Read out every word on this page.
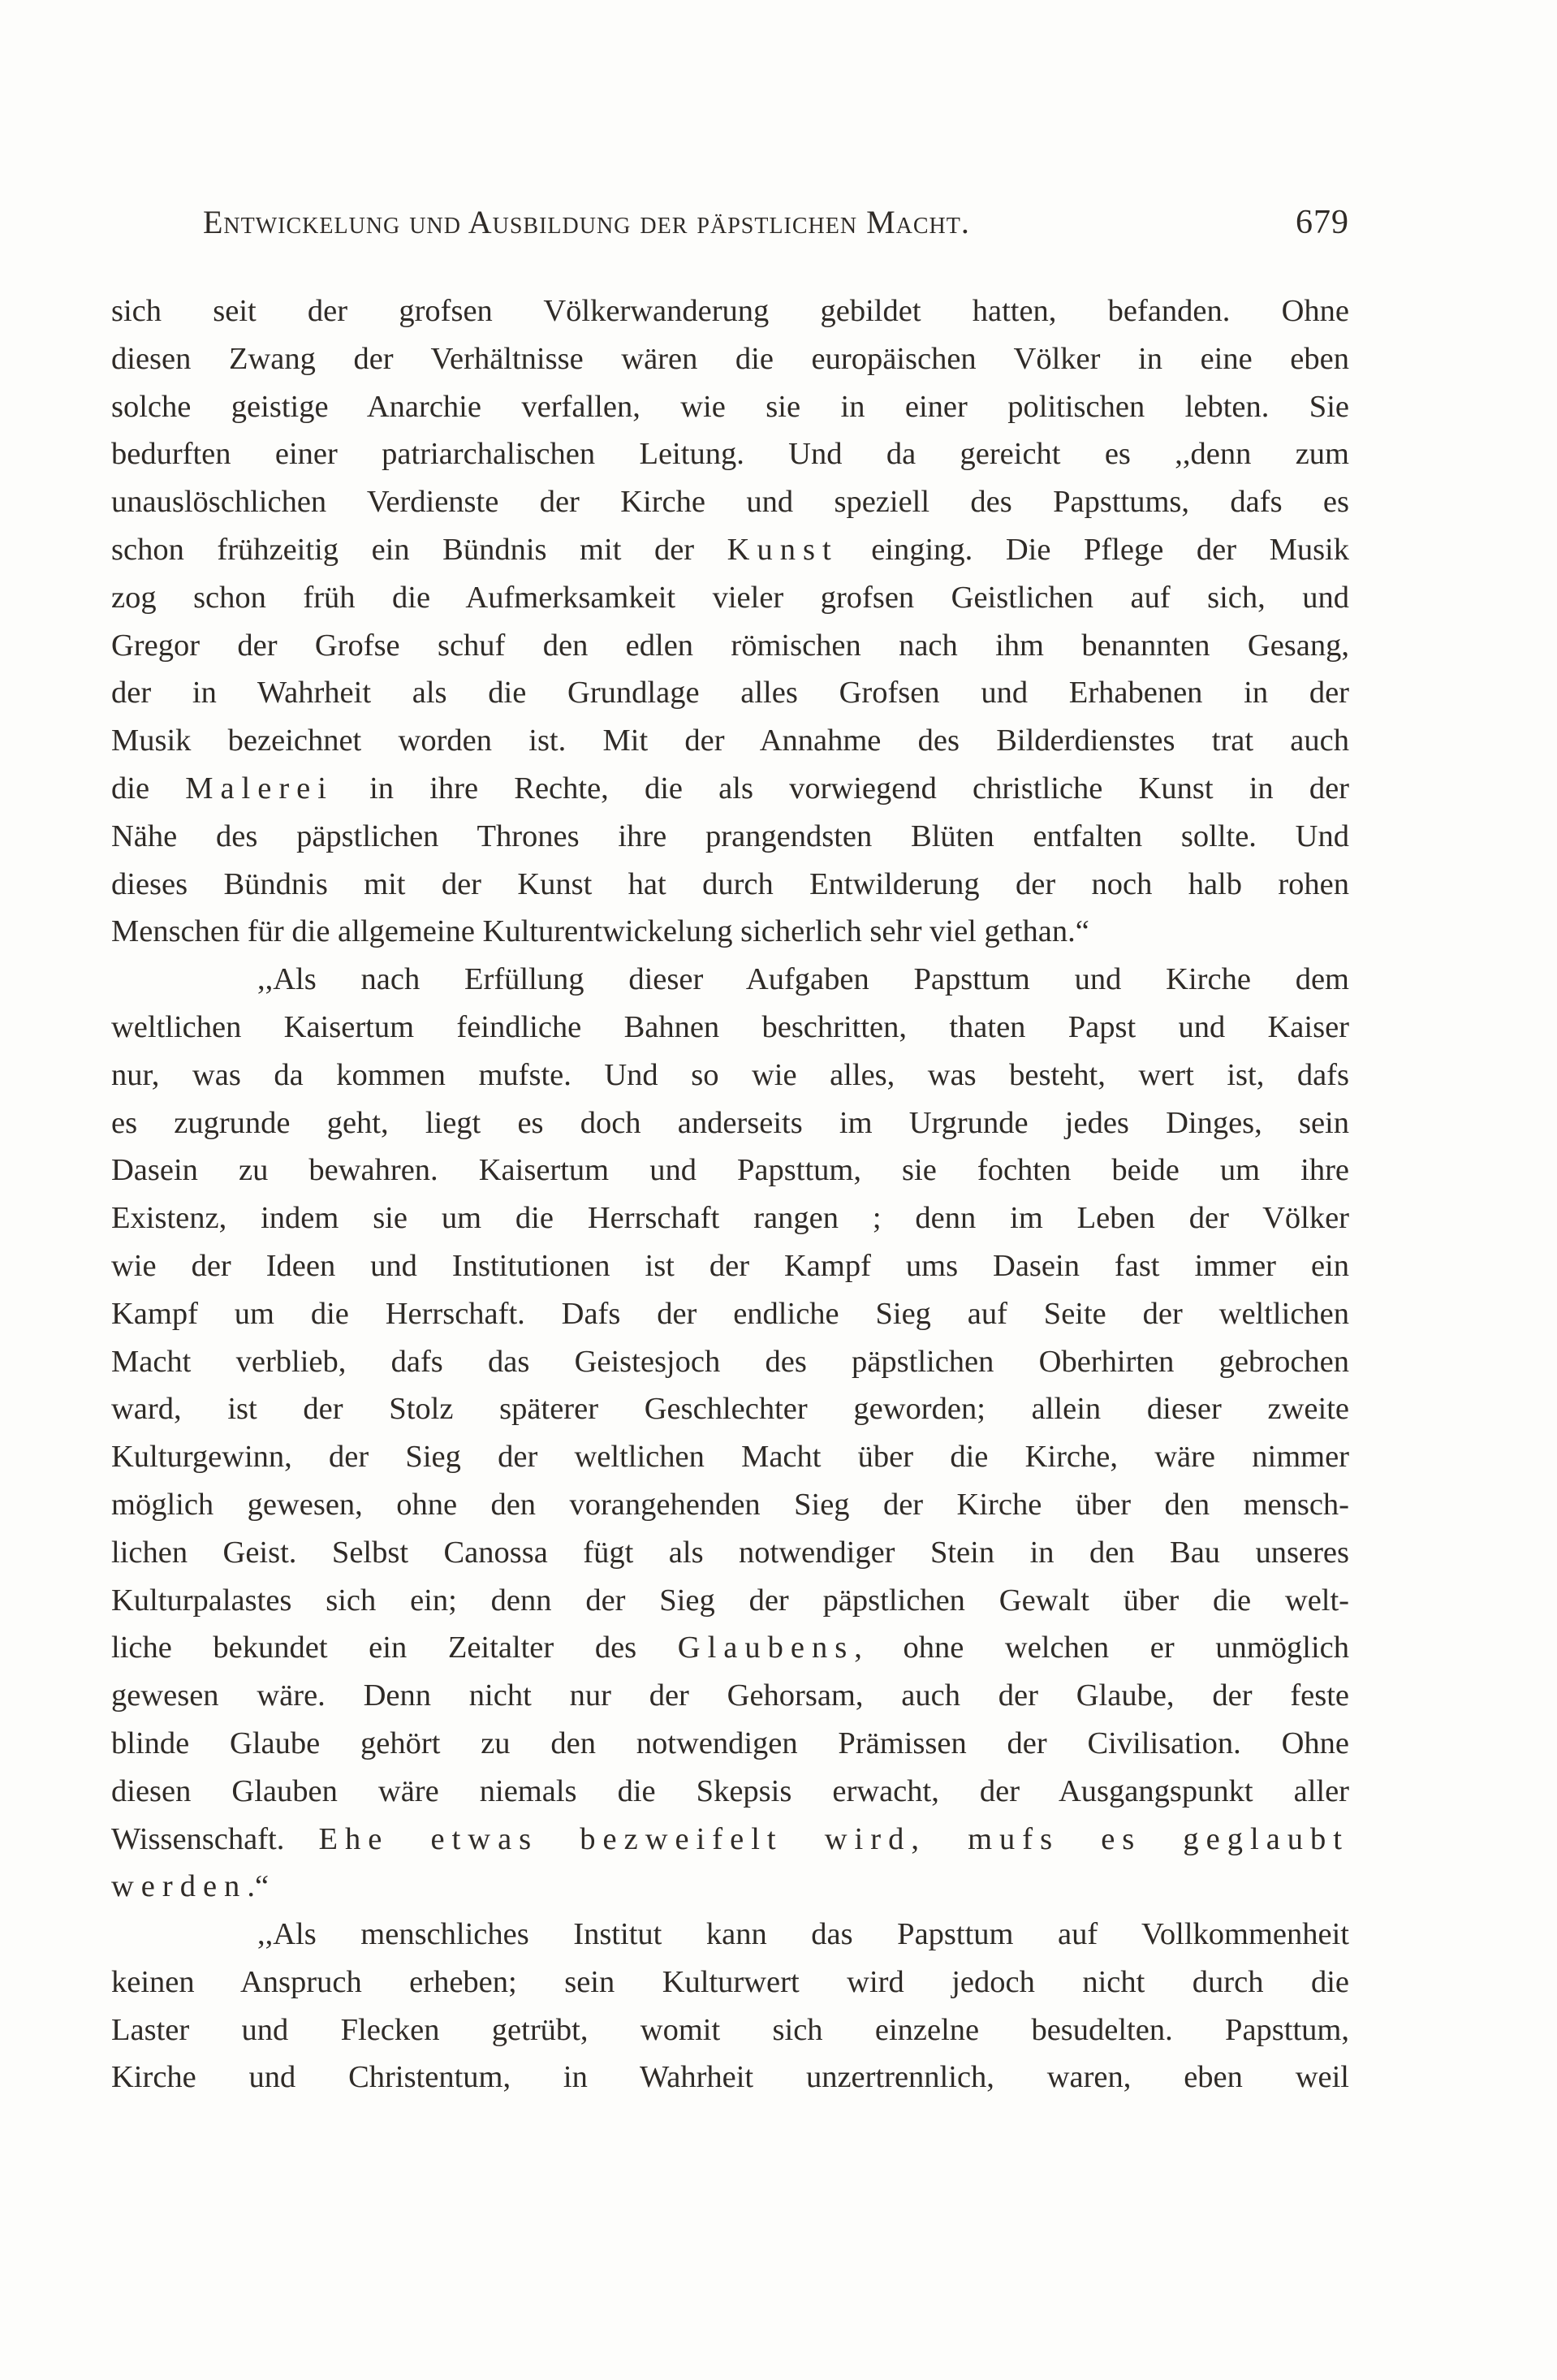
Entwickelung und Ausbildung der päpstlichen Macht.	679
sich seit der grofsen Völkerwanderung gebildet hatten, befanden. Ohne
diesen Zwang der Verhältnisse wären die europäischen Völker in eine eben
solche geistige Anarchie verfallen, wie sie in einer politischen lebten. Sie
bedurften einer patriarchalischen Leitung. Und da gereicht es ,,denn zum
unauslöschlichen Verdienste der Kirche und speziell des Papsttums, dafs es
schon frühzeitig ein Bündnis mit der Kunst einging. Die Pflege der Musik
zog schon früh die Aufmerksamkeit vieler grofsen Geistlichen auf sich, und
Gregor der Grofse schuf den edlen römischen nach ihm benannten Gesang,
der in Wahrheit als die Grundlage alles Grofsen und Erhabenen in der
Musik bezeichnet worden ist. Mit der Annahme des Bilderdienstes trat auch
die Malerei in ihre Rechte, die als vorwiegend christliche Kunst in der
Nähe des päpstlichen Thrones ihre prangendsten Blüten entfalten sollte. Und
dieses Bündnis mit der Kunst hat durch Entwilderung der noch halb rohen
Menschen für die allgemeine Kulturentwickelung sicherlich sehr viel gethan.“
,,Als nach Erfüllung dieser Aufgaben Papsttum und Kirche dem
weltlichen Kaisertum feindliche Bahnen beschritten, thaten Papst und Kaiser
nur, was da kommen mufste. Und so wie alles, was besteht, wert ist, dafs
es zugrunde geht, liegt es doch anderseits im Urgrunde jedes Dinges, sein
Dasein zu bewahren. Kaisertum und Papsttum, sie fochten beide um ihre
Existenz, indem sie um die Herrschaft rangen ; denn im Leben der Völker
wie der Ideen und Institutionen ist der Kampf ums Dasein fast immer ein
Kampf um die Herrschaft. Dafs der endliche Sieg auf Seite der weltlichen
Macht verblieb, dafs das Geistesjoch des päpstlichen Oberhirten gebrochen
ward, ist der Stolz späterer Geschlechter geworden; allein dieser zweite
Kulturgewinn, der Sieg der weltlichen Macht über die Kirche, wäre nimmer
möglich gewesen, ohne den vorangehenden Sieg der Kirche über den mensch-
lichen Geist. Selbst Canossa fügt als notwendiger Stein in den Bau unseres
Kulturpalastes sich ein; denn der Sieg der päpstlichen Gewalt über die welt-
liche bekundet ein Zeitalter des Glaubens, ohne welchen er unmöglich
gewesen wäre. Denn nicht nur der Gehorsam, auch der Glaube, der feste
blinde Glaube gehört zu den notwendigen Prämissen der Civilisation. Ohne
diesen Glauben wäre niemals die Skepsis erwacht, der Ausgangspunkt aller
Wissenschaft. Ehe etwas bezweifelt wird, mufs es geglaubt
werden.“
,,Als menschliches Institut kann das Papsttum auf Vollkommenheit
keinen Anspruch erheben; sein Kulturwert wird jedoch nicht durch die
Laster und Flecken getrübt, womit sich einzelne besudelten. Papsttum,
Kirche und Christentum, in Wahrheit unzertrennlich, waren, eben weil
